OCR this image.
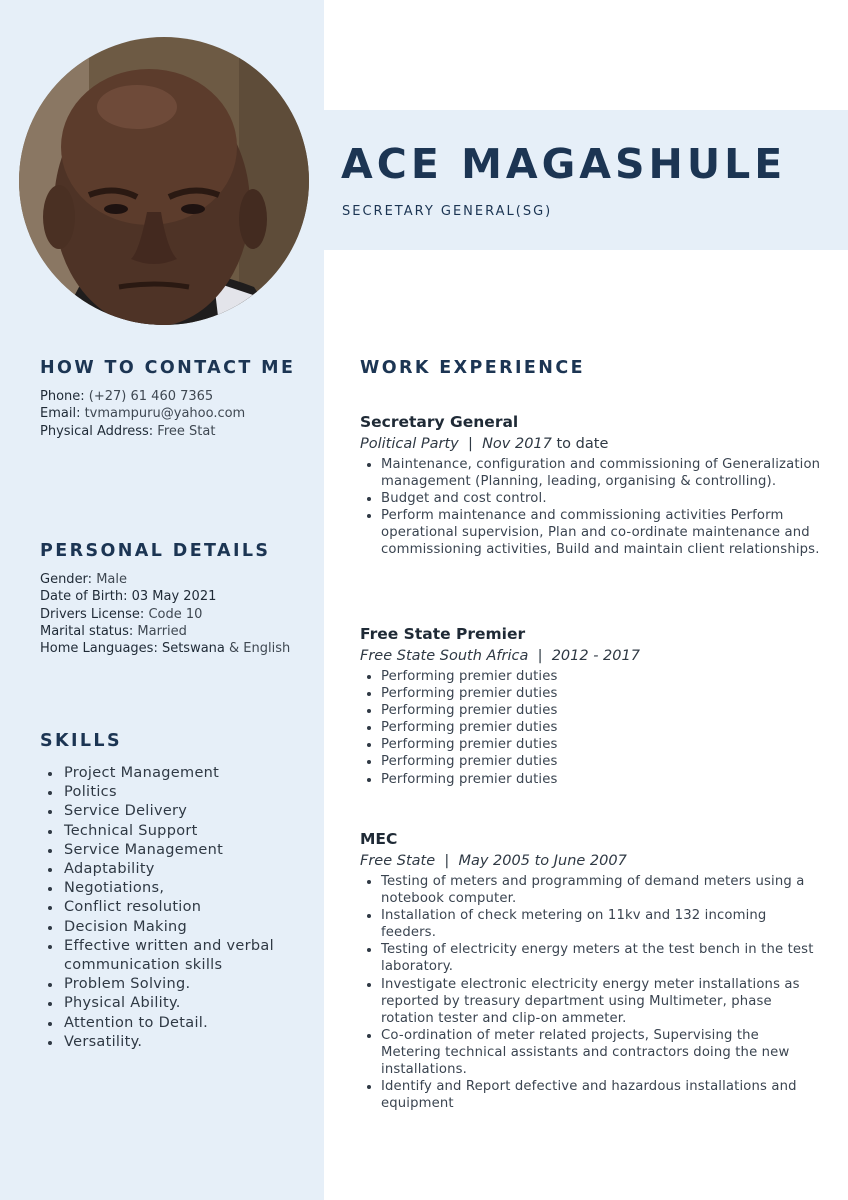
ACE MAGASHULE
SECRETARY GENERAL(SG)
HOW TO CONTACT ME
Phone: (+27) 61 460 7365
Email: tvmampuru@yahoo.com
Physical Address: Free Stat
PERSONAL DETAILS
Gender: Male
Date of Birth: 03 May 2021
Drivers License: Code 10
Marital status: Married
Home Languages: Setswana & English
SKILLS
Project Management
Politics
Service Delivery
Technical Support
Service Management
Adaptability
Negotiations,
Conflict resolution
Decision Making
Effective written and verbal communication skills
Problem Solving.
Physical Ability.
Attention to Detail.
Versatility.
WORK EXPERIENCE
Secretary General
Political Party  |  Nov 2017 to date
Maintenance, configuration and commissioning of Generalization management (Planning, leading, organising & controlling).
Budget and cost control.
Perform maintenance and commissioning activities Perform operational supervision, Plan and co-ordinate maintenance and commissioning activities, Build and maintain client relationships.
Free State Premier
Free State South Africa  |  2012 - 2017
Performing premier duties
Performing premier duties
Performing premier duties
Performing premier duties
Performing premier duties
Performing premier duties
Performing premier duties
MEC
Free State  |  May 2005 to June 2007
Testing of meters and programming of demand meters using a notebook computer.
Installation of check metering on 11kv and 132 incoming feeders.
Testing of electricity energy meters at the test bench in the test laboratory.
Investigate electronic electricity energy meter installations as reported by treasury department using Multimeter, phase rotation tester and clip-on ammeter.
Co-ordination of meter related projects, Supervising the Metering technical assistants and contractors doing the new installations.
Identify and Report defective and hazardous installations and equipment
